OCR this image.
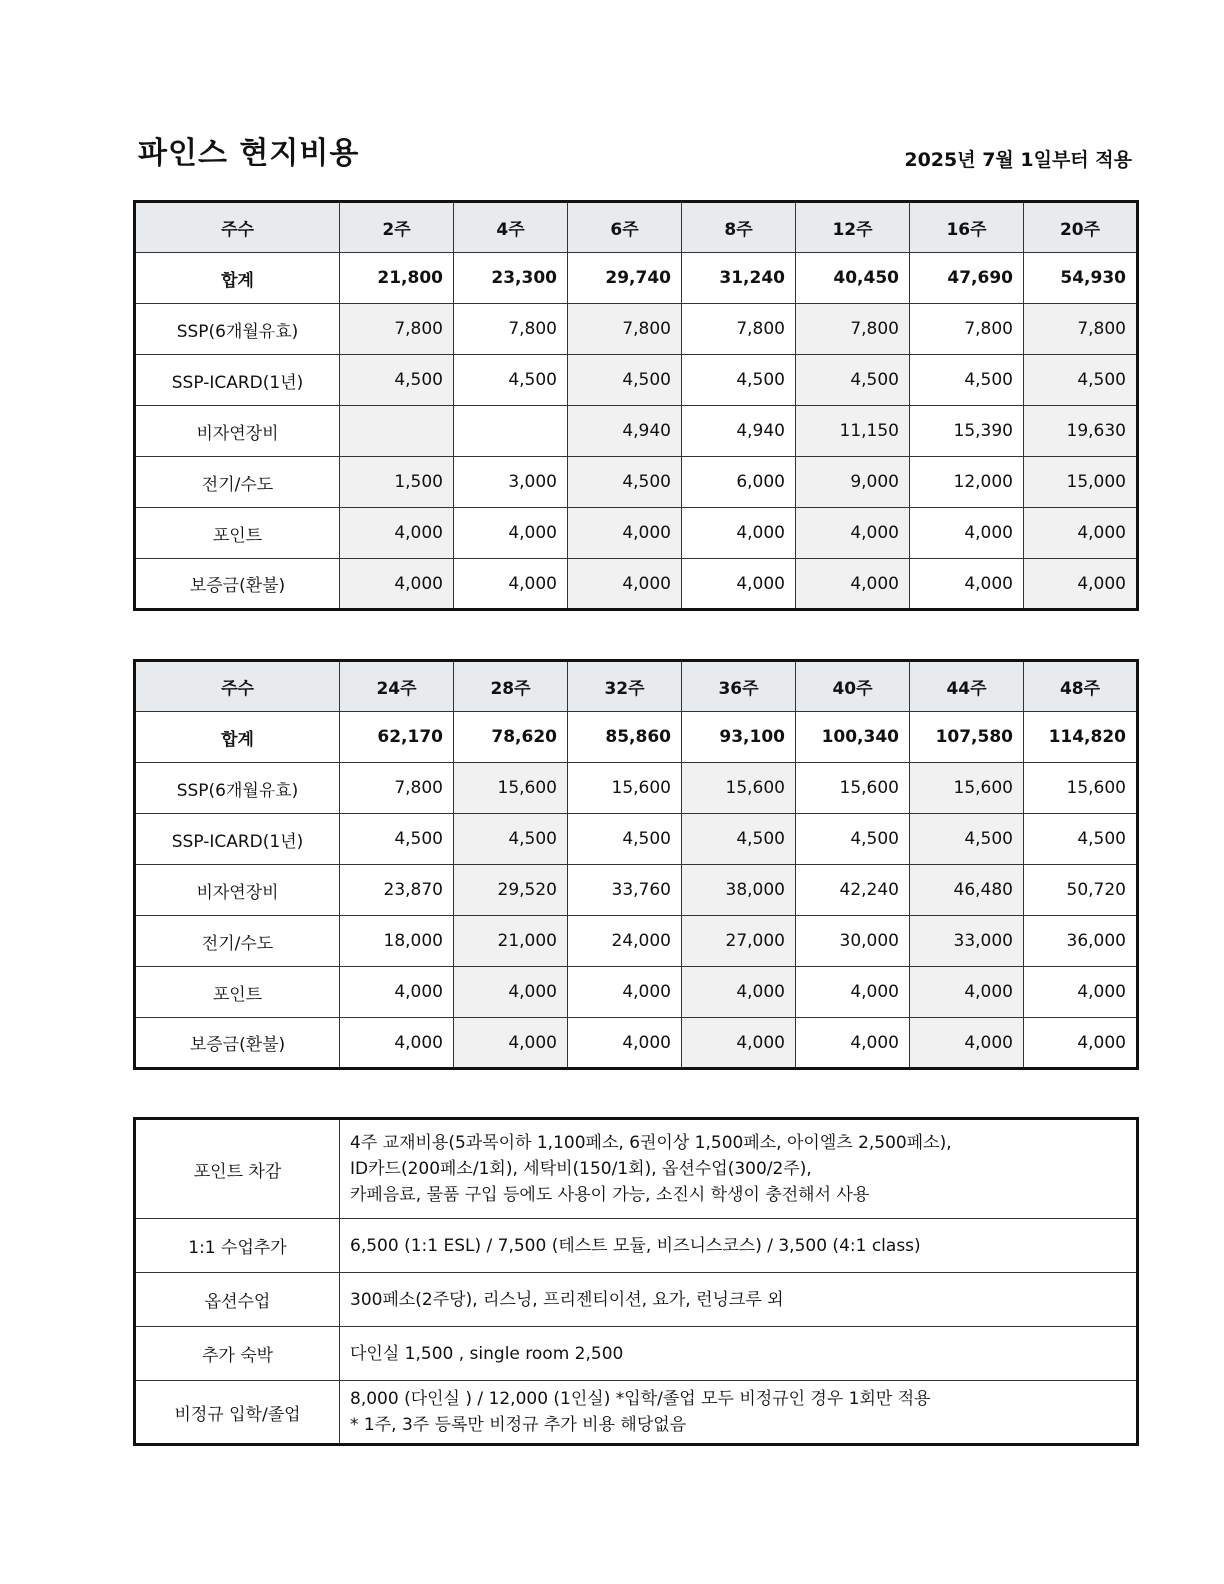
파인스 현지비용	2025년 7월 1일부터 적용
주수	2주	4주	6주	8주	12주	16주	20주
합계	21,800	23,300	29,740	31,240	40,450	47,690	54,930
SSP(6개월유효)	7,800	7,800	7,800	7,800	7,800	7,800	7,800
SSP-ICARD(1년)	4,500	4,500	4,500	4,500	4,500	4,500	4,500
비자연장비			4,940	4,940	11,150	15,390	19,630
전기/수도	1,500	3,000	4,500	6,000	9,000	12,000	15,000
포인트	4,000	4,000	4,000	4,000	4,000	4,000	4,000
보증금(환불)	4,000	4,000	4,000	4,000	4,000	4,000	4,000
주수	24주	28주	32주	36주	40주	44주	48주
합계	62,170	78,620	85,860	93,100	100,340	107,580	114,820
SSP(6개월유효)	7,800	15,600	15,600	15,600	15,600	15,600	15,600
SSP-ICARD(1년)	4,500	4,500	4,500	4,500	4,500	4,500	4,500
비자연장비	23,870	29,520	33,760	38,000	42,240	46,480	50,720
전기/수도	18,000	21,000	24,000	27,000	30,000	33,000	36,000
포인트	4,000	4,000	4,000	4,000	4,000	4,000	4,000
보증금(환불)	4,000	4,000	4,000	4,000	4,000	4,000	4,000
포인트 차감	4주 교재비용(5과목이하 1,100페소, 6권이상 1,500페소, 아이엘츠 2,500페소),
ID카드(200페소/1회), 세탁비(150/1회), 옵션수업(300/2주),
카페음료, 물품 구입 등에도 사용이 가능, 소진시 학생이 충전해서 사용

1:1 수업추가	6,500 (1:1 ESL) / 7,500 (테스트 모듈, 비즈니스코스) / 3,500 (4:1 class)

옵션수업	300페소(2주당), 리스닝, 프리젠티이션, 요가, 런닝크루 외

추가 숙박	다인실 1,500 , single room 2,500

비정규 입학/졸업	8,000 (다인실 ) / 12,000 (1인실) *입학/졸업 모두 비정규인 경우 1회만 적용
* 1주, 3주 등록만 비정규 추가 비용 해당없음
